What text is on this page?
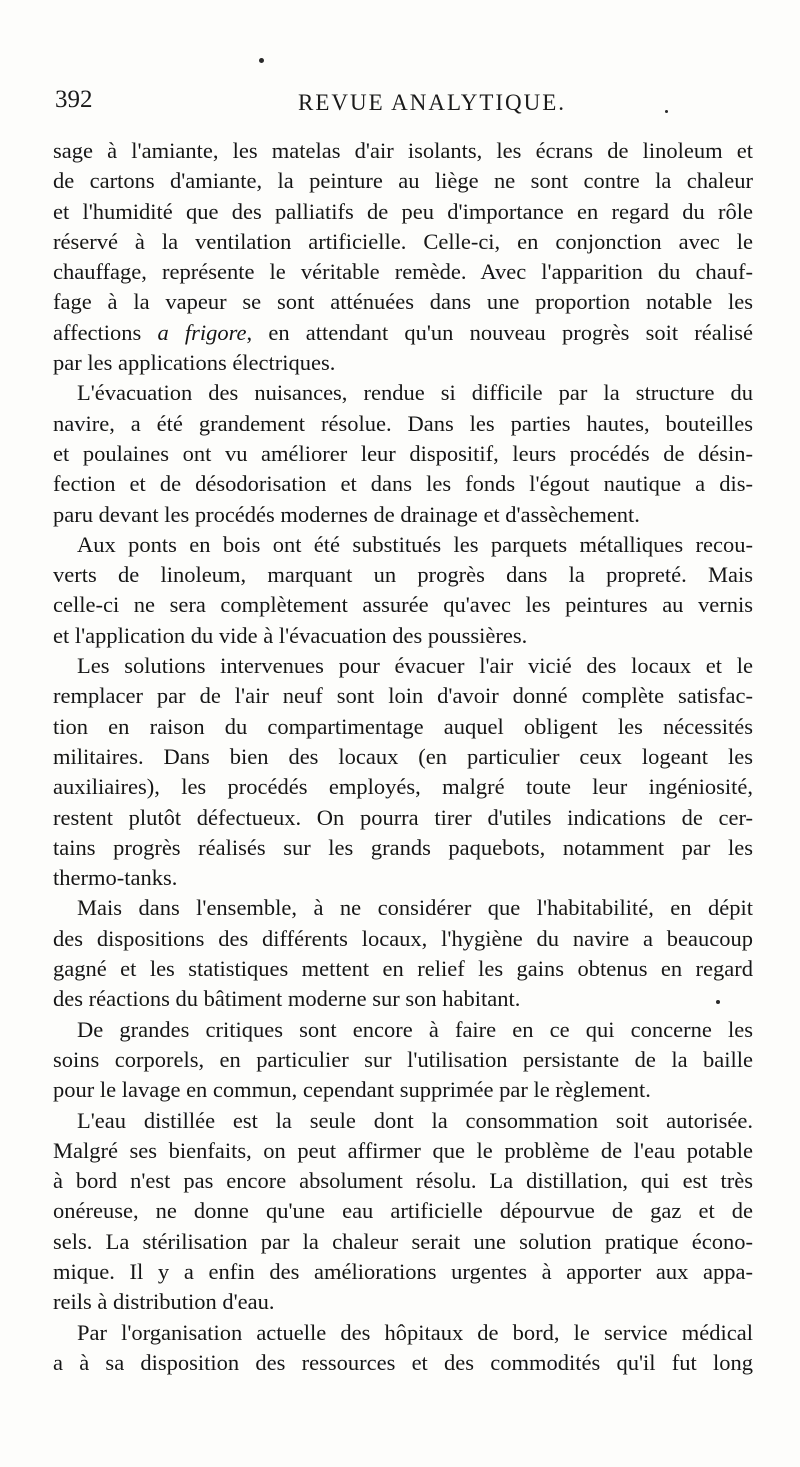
392	REVUE ANALYTIQUE.
sage à l'amiante, les matelas d'air isolants, les écrans de linoleum et
de cartons d'amiante, la peinture au liège ne sont contre la chaleur
et l'humidité que des palliatifs de peu d'importance en regard du rôle
réservé à la ventilation artificielle. Celle-ci, en conjonction avec le
chauffage, représente le véritable remède. Avec l'apparition du chauf-
fage à la vapeur se sont atténuées dans une proportion notable les
affections a frigore, en attendant qu'un nouveau progrès soit réalisé
par les applications électriques.
L'évacuation des nuisances, rendue si difficile par la structure du
navire, a été grandement résolue. Dans les parties hautes, bouteilles
et poulaines ont vu améliorer leur dispositif, leurs procédés de désin-
fection et de désodorisation et dans les fonds l'égout nautique a dis-
paru devant les procédés modernes de drainage et d'assèchement.
Aux ponts en bois ont été substitués les parquets métalliques recou-
verts de linoleum, marquant un progrès dans la propreté. Mais
celle-ci ne sera complètement assurée qu'avec les peintures au vernis
et l'application du vide à l'évacuation des poussières.
Les solutions intervenues pour évacuer l'air vicié des locaux et le
remplacer par de l'air neuf sont loin d'avoir donné complète satisfac-
tion en raison du compartimentage auquel obligent les nécessités
militaires. Dans bien des locaux (en particulier ceux logeant les
auxiliaires), les procédés employés, malgré toute leur ingéniosité,
restent plutôt défectueux. On pourra tirer d'utiles indications de cer-
tains progrès réalisés sur les grands paquebots, notamment par les
thermo-tanks.
Mais dans l'ensemble, à ne considérer que l'habitabilité, en dépit
des dispositions des différents locaux, l'hygiène du navire a beaucoup
gagné et les statistiques mettent en relief les gains obtenus en regard
des réactions du bâtiment moderne sur son habitant.
De grandes critiques sont encore à faire en ce qui concerne les
soins corporels, en particulier sur l'utilisation persistante de la baille
pour le lavage en commun, cependant supprimée par le règlement.
L'eau distillée est la seule dont la consommation soit autorisée.
Malgré ses bienfaits, on peut affirmer que le problème de l'eau potable
à bord n'est pas encore absolument résolu. La distillation, qui est très
onéreuse, ne donne qu'une eau artificielle dépourvue de gaz et de
sels. La stérilisation par la chaleur serait une solution pratique écono-
mique. Il y a enfin des améliorations urgentes à apporter aux appa-
reils à distribution d'eau.
Par l'organisation actuelle des hôpitaux de bord, le service médical
a à sa disposition des ressources et des commodités qu'il fut long
